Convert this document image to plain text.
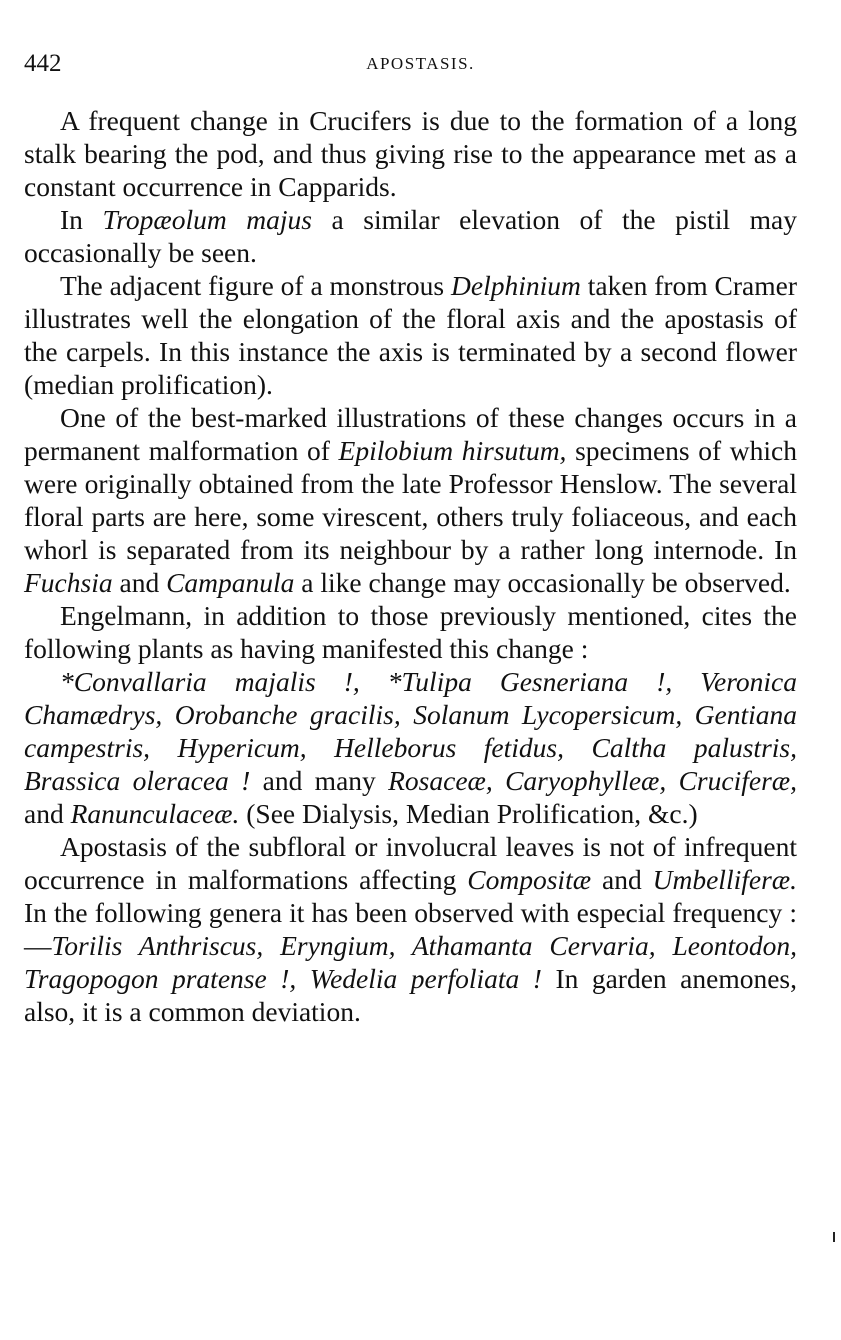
442	APOSTASIS.

A frequent change in Crucifers is due to the formation of a long stalk bearing the pod, and thus giving rise to the appearance met as a constant occurrence in Capparids.

In Tropæolum majus a similar elevation of the pistil may occasionally be seen.

The adjacent figure of a monstrous Delphinium taken from Cramer illustrates well the elongation of the floral axis and the apostasis of the carpels. In this instance the axis is terminated by a second flower (median prolification).

One of the best-marked illustrations of these changes occurs in a permanent malformation of Epilobium hirsutum, specimens of which were originally obtained from the late Professor Henslow. The several floral parts are here, some virescent, others truly foliaceous, and each whorl is separated from its neighbour by a rather long internode. In Fuchsia and Campanula a like change may occasionally be observed.

Engelmann, in addition to those previously mentioned, cites the following plants as having manifested this change :

*Convallaria majalis !, *Tulipa Gesneriana !, Veronica Chamædrys, Orobanche gracilis, Solanum Lycopersicum, Gentiana campestris, Hypericum, Helleborus fetidus, Caltha palustris, Brassica oleracea ! and many Rosaceæ, Caryophylleæ, Cruciferæ, and Ranunculaceæ. (See Dialysis, Median Prolification, &c.)

Apostasis of the subfloral or involucral leaves is not of infrequent occurrence in malformations affecting Compositæ and Umbelliferæ. In the following genera it has been observed with especial frequency :—Torilis Anthriscus, Eryngium, Athamanta Cervaria, Leontodon, Tragopogon pratense !, Wedelia perfoliata ! In garden anemones, also, it is a common deviation.
